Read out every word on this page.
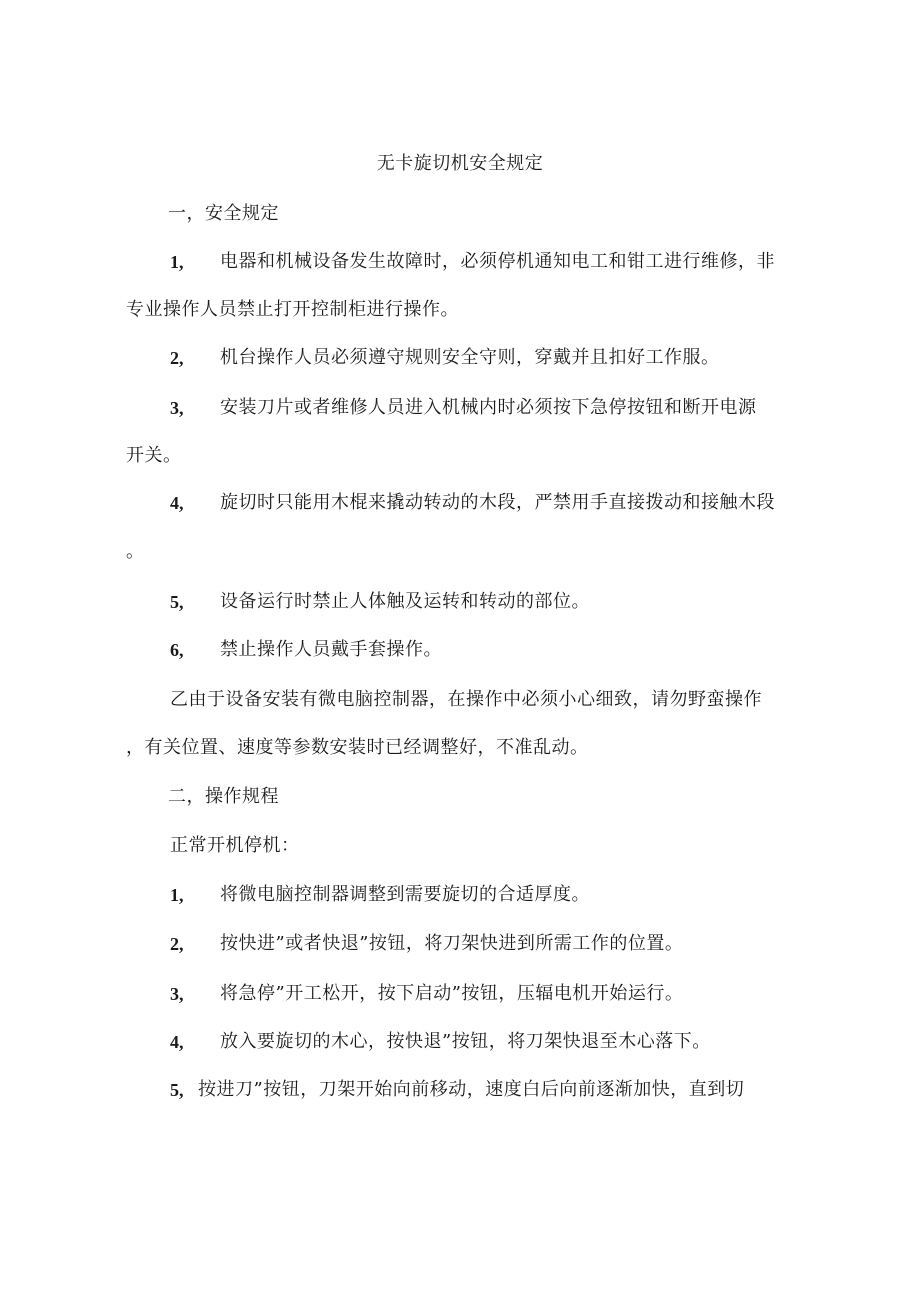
无卡旋切机安全规定
一，安全规定
1, 电器和机械设备发生故障时，必须停机通知电工和钳工进行维修，非
专业操作人员禁止打开控制柜进行操作。
2, 机台操作人员必须遵守规则安全守则，穿戴并且扣好工作服。
3, 安装刀片或者维修人员进入机械内时必须按下急停按钮和断开电源
开关。
4, 旋切时只能用木棍来撬动转动的木段，严禁用手直接拨动和接触木段
。
5, 设备运行时禁止人体触及运转和转动的部位。
6, 禁止操作人员戴手套操作。
乙由于设备安装有微电脑控制器，在操作中必须小心细致，请勿野蛮操作
，有关位置、速度等参数安装时已经调整好，不准乱动。
二，操作规程
正常开机停机：
1, 将微电脑控制器调整到需要旋切的合适厚度。
2, 按快进”或者快退”按钮，将刀架快进到所需工作的位置。
3, 将急停”开工松开，按下启动”按钮，压辐电机开始运行。
4, 放入要旋切的木心，按快退”按钮，将刀架快退至木心落下。
5, 按进刀”按钮，刀架开始向前移动，速度白后向前逐渐加快，直到切
